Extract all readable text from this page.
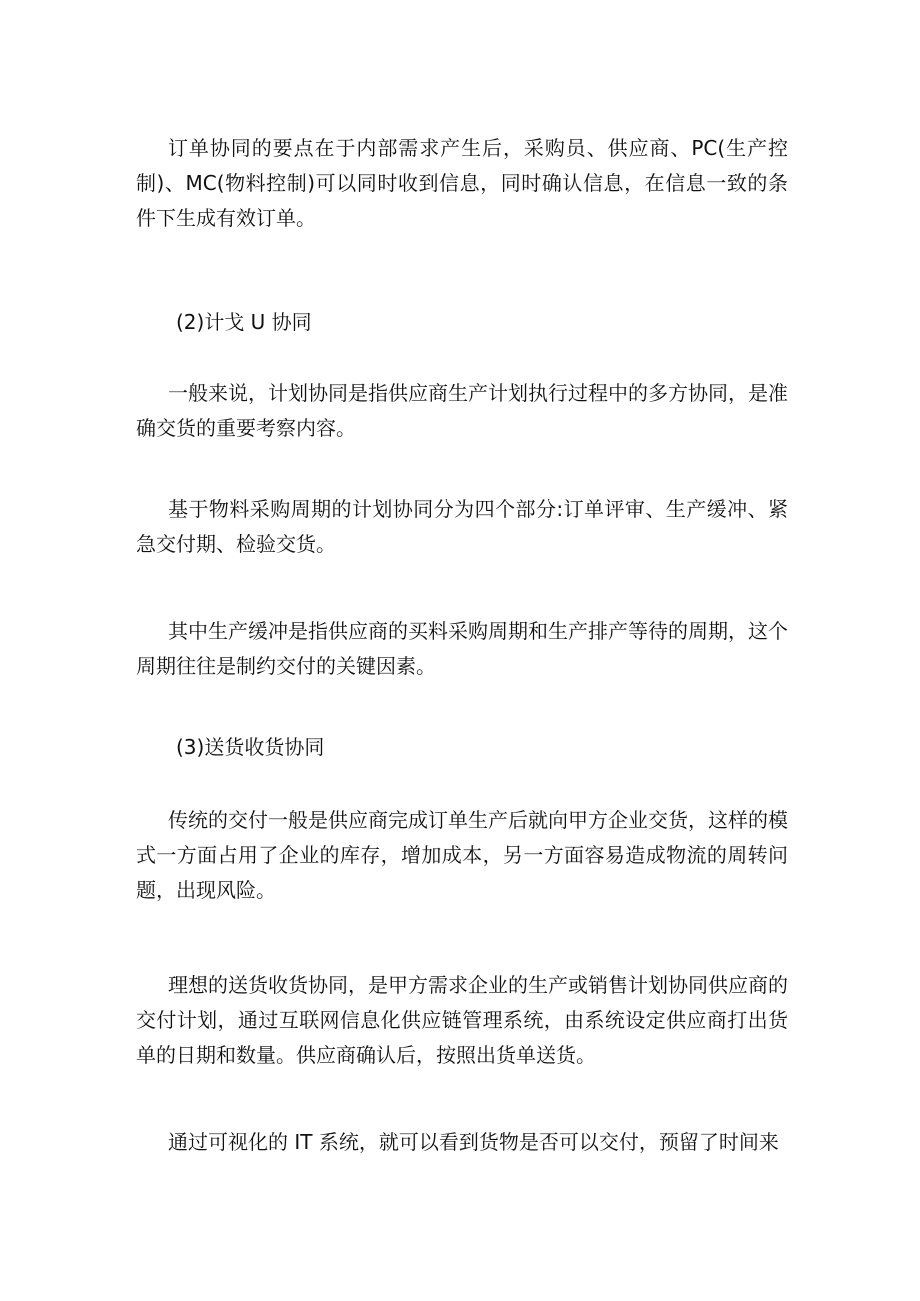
订单协同的要点在于内部需求产生后，采购员、供应商、PC(生产控制)、MC(物料控制)可以同时收到信息，同时确认信息，在信息一致的条件下生成有效订单。

(2)计戈 U 协同

一般来说，计划协同是指供应商生产计划执行过程中的多方协同，是准确交货的重要考察内容。

基于物料采购周期的计划协同分为四个部分:订单评审、生产缓冲、紧急交付期、检验交货。

其中生产缓冲是指供应商的买料采购周期和生产排产等待的周期，这个周期往往是制约交付的关键因素。

(3)送货收货协同

传统的交付一般是供应商完成订单生产后就向甲方企业交货，这样的模式一方面占用了企业的库存，增加成本，另一方面容易造成物流的周转问题，出现风险。

理想的送货收货协同，是甲方需求企业的生产或销售计划协同供应商的交付计划，通过互联网信息化供应链管理系统，由系统设定供应商打出货单的日期和数量。供应商确认后，按照出货单送货。

通过可视化的 IT 系统，就可以看到货物是否可以交付，预留了时间来
